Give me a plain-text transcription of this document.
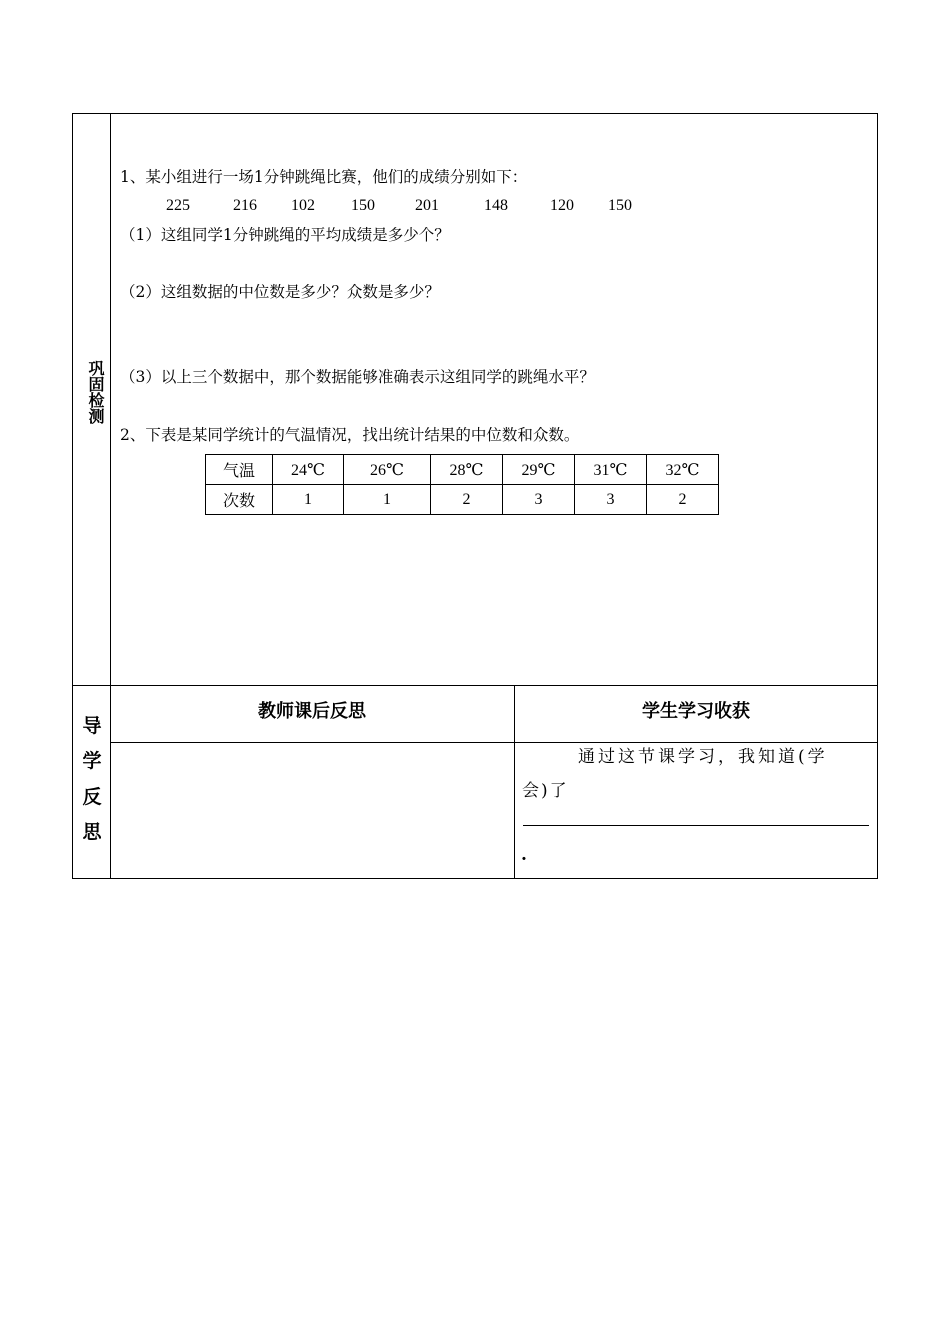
巩固检测
1、某小组进行一场1分钟跳绳比赛，他们的成绩分别如下：
225	216 102 150	201	148	120 150
（1）这组同学1分钟跳绳的平均成绩是多少个？
（2）这组数据的中位数是多少？众数是多少？
（3）以上三个数据中，那个数据能够准确表示这组同学的跳绳水平？
2、下表是某同学统计的气温情况，找出统计结果的中位数和众数。
气温	24℃	26℃	28℃	29℃	31℃	32℃
次数	1	1	2	3	3	2
导
学
反
思
教师课后反思	学生学习收获
通过这节课学习，我知道(学
会)了
.
